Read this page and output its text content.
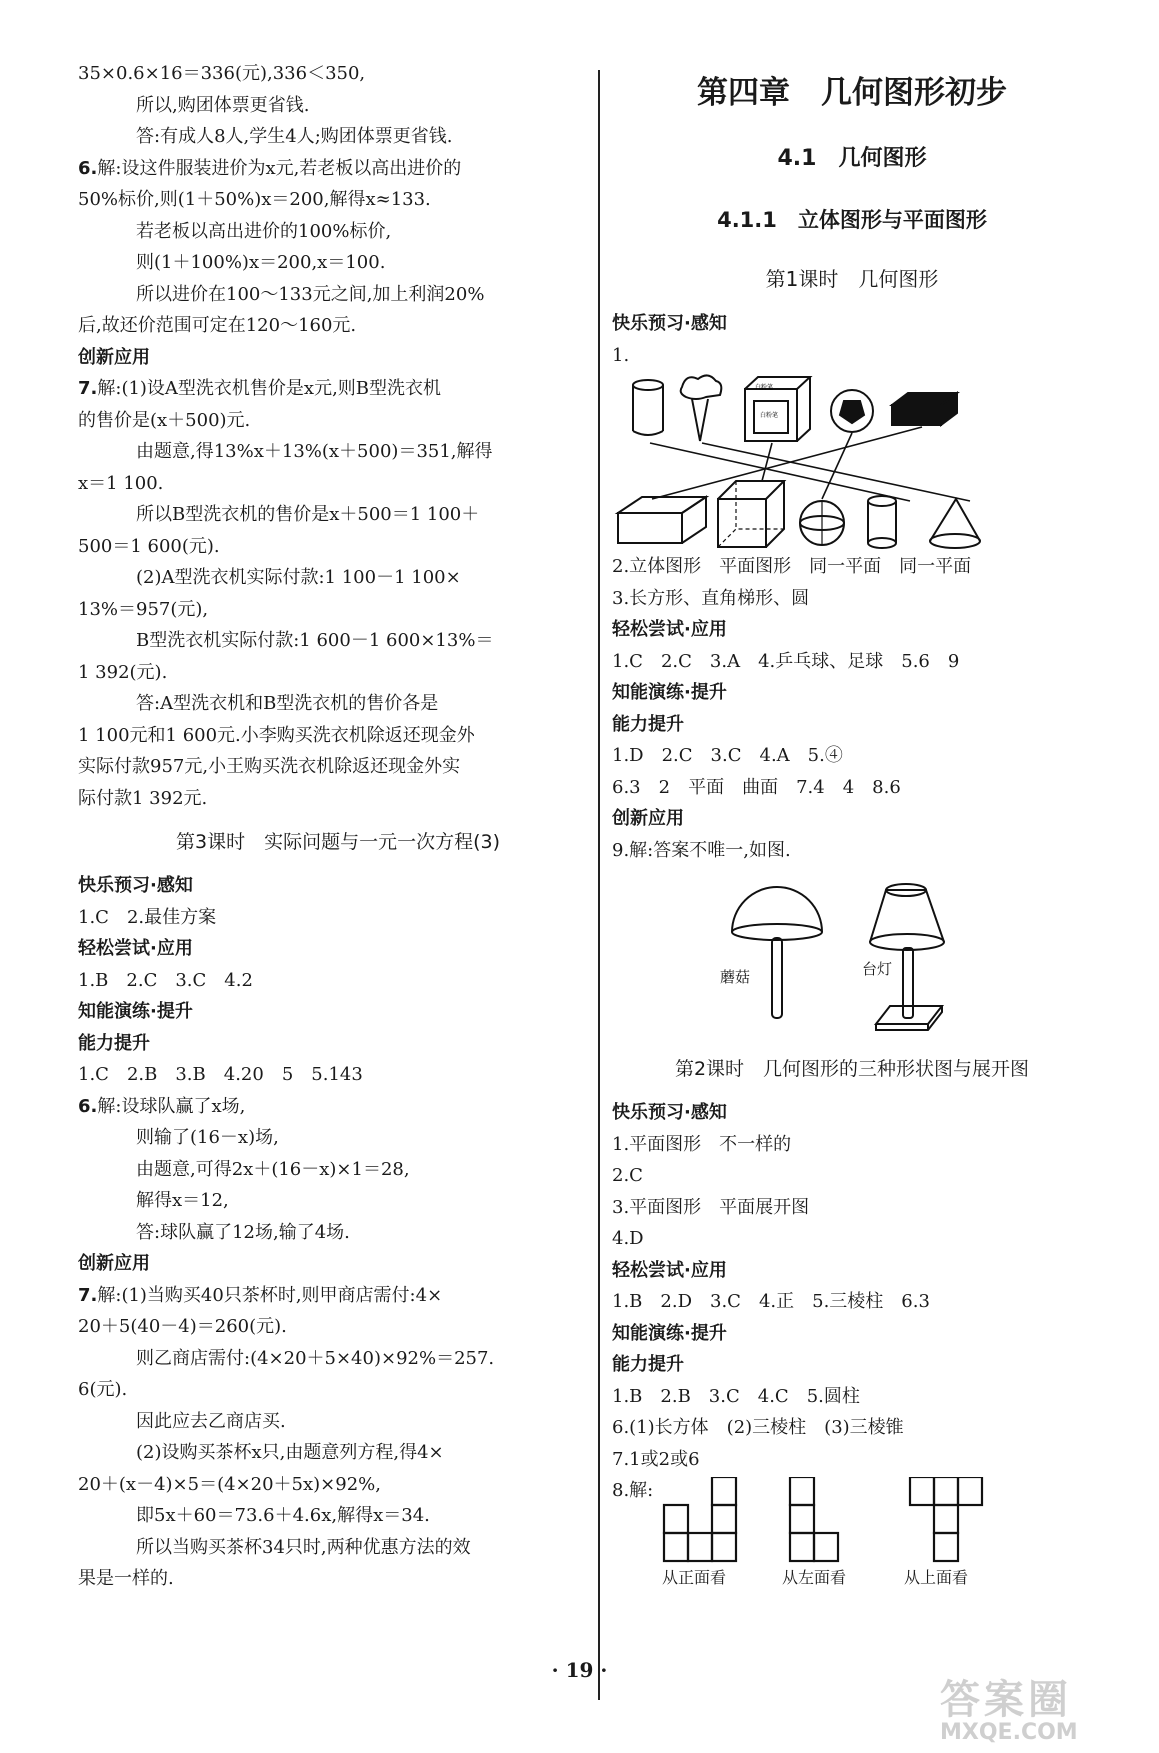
35×0.6×16＝336(元),336＜350,
所以,购团体票更省钱.
答:有成人8人,学生4人;购团体票更省钱.
6.解:设这件服装进价为x元,若老板以高出进价的
50%标价,则(1＋50%)x＝200,解得x≈133.
若老板以高出进价的100%标价,
则(1＋100%)x＝200,x＝100.
所以进价在100～133元之间,加上利润20%
后,故还价范围可定在120～160元.
创新应用
7.解:(1)设A型洗衣机售价是x元,则B型洗衣机
的售价是(x＋500)元.
由题意,得13%x＋13%(x＋500)＝351,解得
x＝1 100.
所以B型洗衣机的售价是x＋500＝1 100＋
500＝1 600(元).
(2)A型洗衣机实际付款:1 100－1 100×
13%＝957(元),
B型洗衣机实际付款:1 600－1 600×13%＝
1 392(元).
答:A型洗衣机和B型洗衣机的售价各是
1 100元和1 600元.小李购买洗衣机除返还现金外
实际付款957元,小王购买洗衣机除返还现金外实
际付款1 392元.
第3课时　实际问题与一元一次方程(3)
快乐预习·感知
1.C　2.最佳方案
轻松尝试·应用
1.B　2.C　3.C　4.2
知能演练·提升
能力提升
1.C　2.B　3.B　4.20　5　5.143
6.解:设球队赢了x场,
则输了(16－x)场,
由题意,可得2x＋(16－x)×1＝28,
解得x＝12,
答:球队赢了12场,输了4场.
创新应用
7.解:(1)当购买40只茶杯时,则甲商店需付:4×
20＋5(40－4)＝260(元).
则乙商店需付:(4×20＋5×40)×92%＝257.
6(元).
因此应去乙商店买.
(2)设购买茶杯x只,由题意列方程,得4×
20＋(x－4)×5＝(4×20＋5x)×92%,
即5x＋60＝73.6＋4.6x,解得x＝34.
所以当购买茶杯34只时,两种优惠方法的效
果是一样的.
第四章　几何图形初步
4.1　几何图形
4.1.1　立体图形与平面图形
第1课时　几何图形
快乐预习·感知
1.
白粉笔
白粉笔
2.立体图形　平面图形　同一平面　同一平面
3.长方形、直角梯形、圆
轻松尝试·应用
1.C　2.C　3.A　4.乒乓球、足球　5.6　9
知能演练·提升
能力提升
1.D　2.C　3.C　4.A　5.④
6.3　2　平面　曲面　7.4　4　8.6
创新应用
9.解:答案不唯一,如图.
蘑菇	台灯
第2课时　几何图形的三种形状图与展开图
快乐预习·感知
1.平面图形　不一样的
2.C
3.平面图形　平面展开图
4.D
轻松尝试·应用
1.B　2.D　3.C　4.正　5.三棱柱　6.3
知能演练·提升
能力提升
1.B　2.B　3.C　4.C　5.圆柱
6.(1)长方体　(2)三棱柱　(3)三棱锥
7.1或2或6
8.解:
从正面看	从左面看	从上面看
· 19 ·
答案圈
MXQE.COM
